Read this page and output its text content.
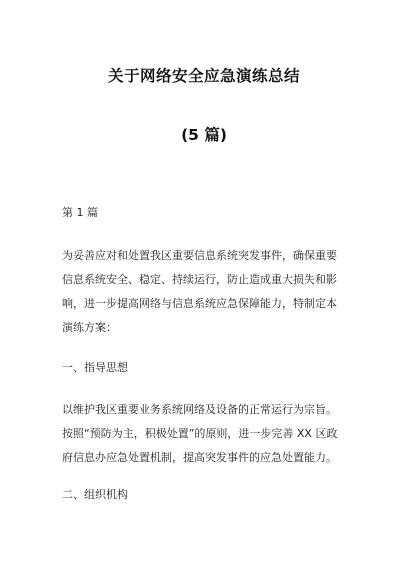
关于网络安全应急演练总结
(5 篇)
第 1 篇
为妥善应对和处置我区重要信息系统突发事件，确保重要
信息系统安全、稳定、持续运行，防止造成重大损失和影
响，进一步提高网络与信息系统应急保障能力，特制定本
演练方案：
一、指导思想
以维护我区重要业务系统网络及设备的正常运行为宗旨。
按照“预防为主，积极处置”的原则，进一步完善 XX 区政
府信息办应急处置机制，提高突发事件的应急处置能力。
二、组织机构
